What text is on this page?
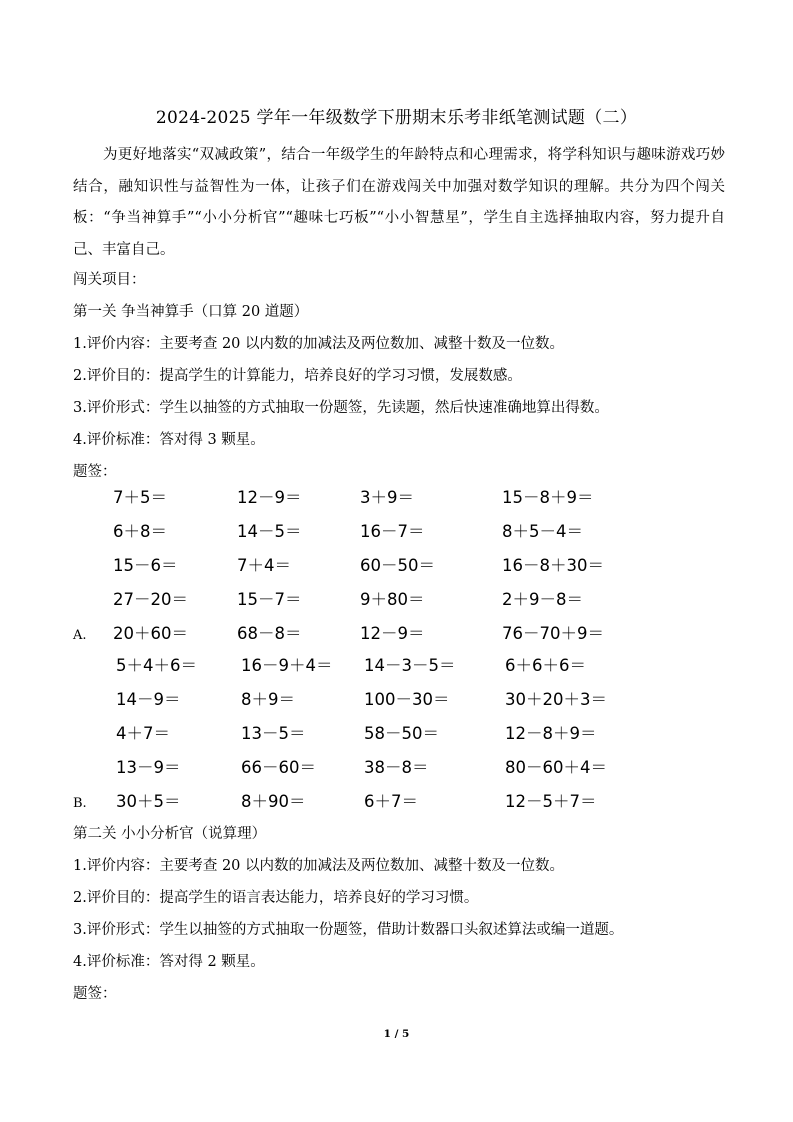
2024-2025 学年一年级数学下册期末乐考非纸笔测试题（二）
为更好地落实“双减政策”，结合一年级学生的年龄特点和心理需求，将学科知识与趣味游戏巧妙结合，融知识性与益智性为一体，让孩子们在游戏闯关中加强对数学知识的理解。共分为四个闯关板：“争当神算手”“小小分析官”“趣味七巧板”“小小智慧星”，学生自主选择抽取内容，努力提升自己、丰富自己。
闯关项目：
第一关 争当神算手（口算 20 道题）
1.评价内容：主要考查 20 以内数的加减法及两位数加、减整十数及一位数。
2.评价目的：提高学生的计算能力，培养良好的学习习惯，发展数感。
3.评价形式：学生以抽签的方式抽取一份题签，先读题，然后快速准确地算出得数。
4.评价标准：答对得 3 颗星。
题签：
7＋5＝	12－9＝	3＋9＝	15－8＋9＝
6＋8＝	14－5＝	16－7＝	8＋5－4＝
15－6＝	7＋4＝	60－50＝	16－8＋30＝
27－20＝	15－7＝	9＋80＝	2＋9－8＝
20＋60＝	68－8＝	12－9＝	76－70＋9＝
A.
5＋4＋6＝	16－9＋4＝ 14－3－5＝	6＋6＋6＝
14－9＝	8＋9＝	100－30＝	30＋20＋3＝
4＋7＝	13－5＝	58－50＝	12－8＋9＝
13－9＝	66－60＝	38－8＝	80－60＋4＝
30＋5＝	8＋90＝	6＋7＝	12－5＋7＝
B.
第二关 小小分析官（说算理）
1.评价内容：主要考查 20 以内数的加减法及两位数加、减整十数及一位数。
2.评价目的：提高学生的语言表达能力，培养良好的学习习惯。
3.评价形式：学生以抽签的方式抽取一份题签，借助计数器口头叙述算法或编一道题。
4.评价标准：答对得 2 颗星。
题签：
1 / 5
